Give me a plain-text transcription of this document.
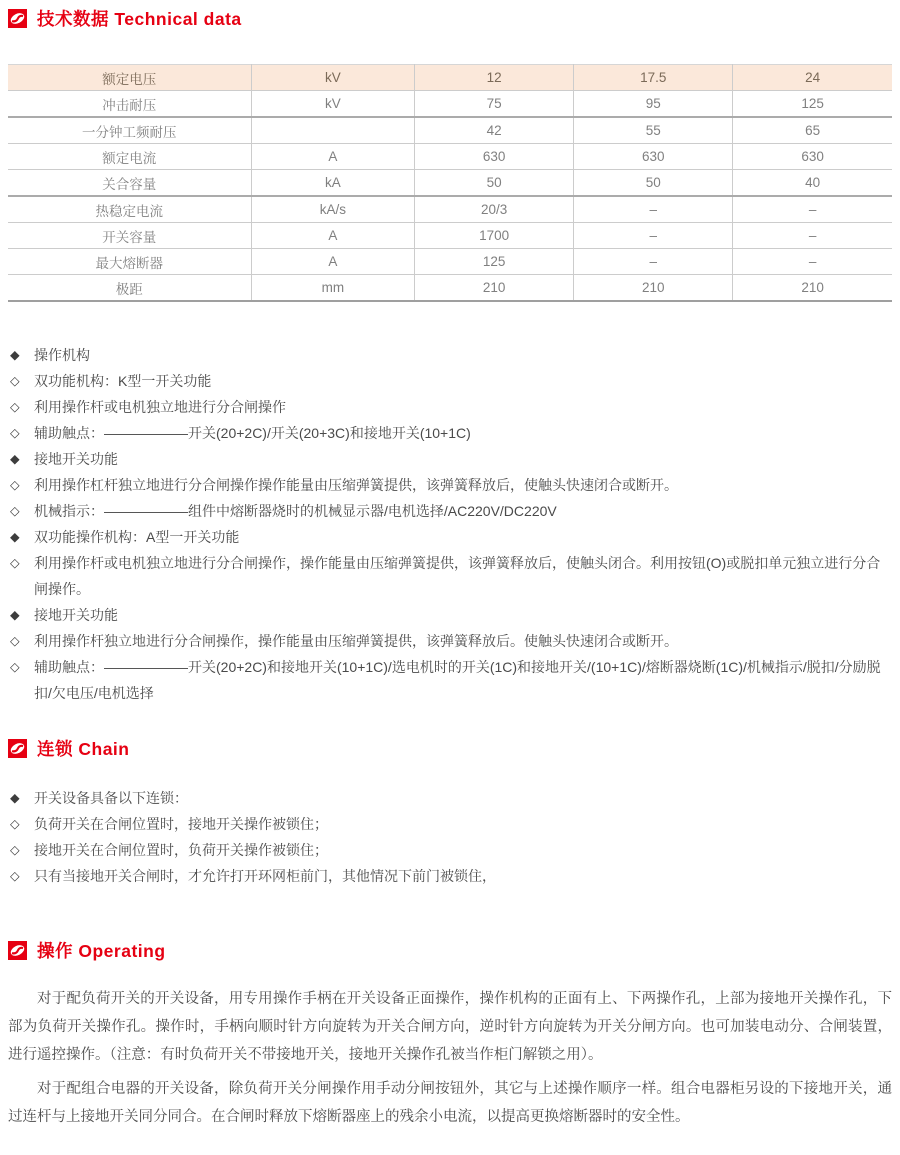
技术数据 Technical data
额定电压	kV	12	17.5	24
冲击耐压	kV	75	95	125
一分钟工频耐压		42	55	65
额定电流	A	630	630	630
关合容量	kA	50	50	40
热稳定电流	kA/s	20/3	–	–
开关容量	A	1700	–	–
最大熔断器	A	125	–	–
极距	mm	210	210	210
◆	操作机构
◇	双功能机构：K型一开关功能
◇	利用操作杆或电机独立地进行分合闸操作
◇	辅助触点：——————开关(20+2C)/开关(20+3C)和接地开关(10+1C)
◆	接地开关功能
◇	利用操作杠杆独立地进行分合闸操作操作能量由压缩弹簧提供，该弹簧释放后，使触头快速闭合或断开。
◇	机械指示：——————组件中熔断器烧时的机械显示器/电机选择/AC220V/DC220V
◆	双功能操作机构：A型一开关功能
◇	利用操作杆或电机独立地进行分合闸操作，操作能量由压缩弹簧提供，该弹簧释放后，使触头闭合。利用按钮(O)或脱扣单元独立进行分合闸操作。
◆	接地开关功能
◇	利用操作杆独立地进行分合闸操作，操作能量由压缩弹簧提供，该弹簧释放后。使触头快速闭合或断开。
◇	辅助触点：——————开关(20+2C)和接地开关(10+1C)/选电机时的开关(1C)和接地开关/(10+1C)/熔断器烧断(1C)/机械指示/脱扣/分励脱扣/欠电压/电机选择
连锁 Chain
◆	开关设备具备以下连锁：
◇	负荷开关在合闸位置时，接地开关操作被锁住；
◇	接地开关在合闸位置时，负荷开关操作被锁住；
◇	只有当接地开关合闸时，才允许打开环网柜前门，其他情况下前门被锁住，
操作 Operating

对于配负荷开关的开关设备，用专用操作手柄在开关设备正面操作，操作机构的正面有上、下两操作孔，上部为接地开关操作孔，下部为负荷开关操作孔。操作时，手柄向顺时针方向旋转为开关合闸方向，逆时针方向旋转为开关分闸方向。也可加装电动分、合闸装置，进行遥控操作。（注意：有时负荷开关不带接地开关，接地开关操作孔被当作柜门解锁之用）。

对于配组合电器的开关设备，除负荷开关分闸操作用手动分闸按钮外，其它与上述操作顺序一样。组合电器柜另设的下接地开关，通过连杆与上接地开关同分同合。在合闸时释放下熔断器座上的残余小电流，以提高更换熔断器时的安全性。
